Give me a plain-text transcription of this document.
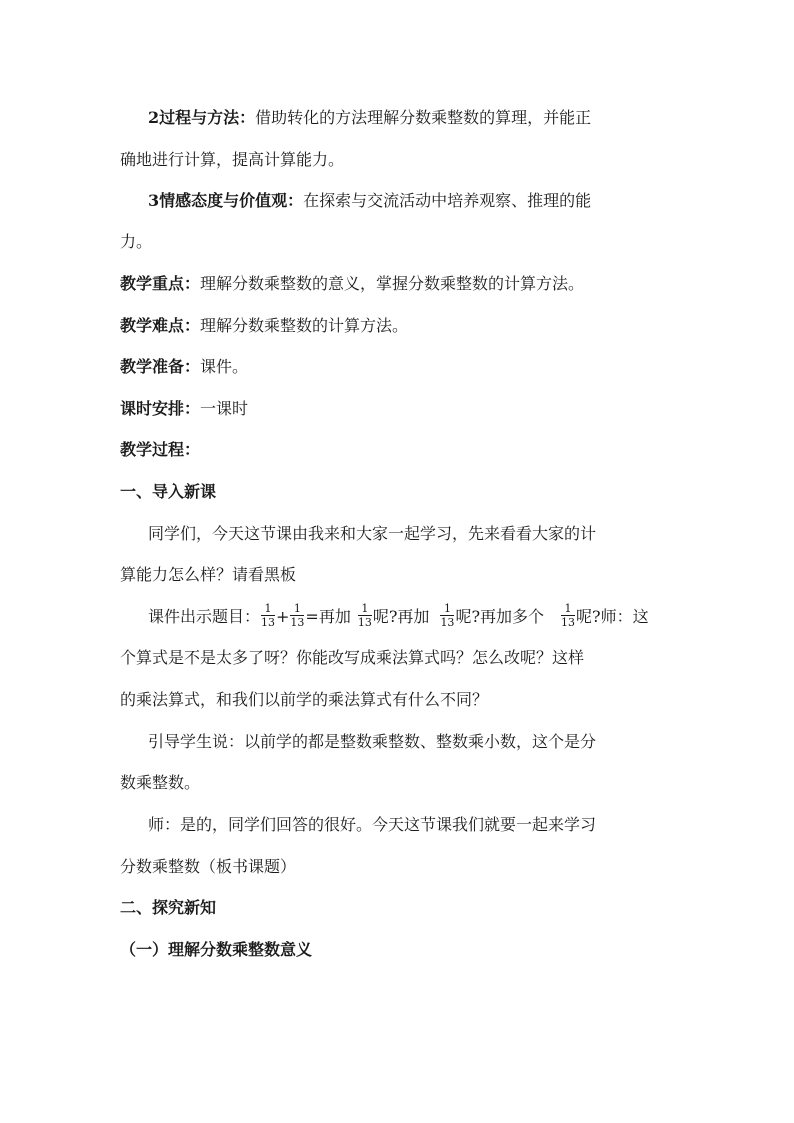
2过程与方法：借助转化的方法理解分数乘整数的算理，并能正
确地进行计算，提高计算能力。
3情感态度与价值观：在探索与交流活动中培养观察、推理的能
力。
教学重点：理解分数乘整数的意义，掌握分数乘整数的计算方法。
教学难点：理解分数乘整数的计算方法。
教学准备：课件。
课时安排：一课时
教学过程：
一、导入新课
同学们，今天这节课由我来和大家一起学习，先来看看大家的计
算能力怎么样？请看黑板
课件出示题目： $\frac{1}{13} + \frac{1}{13}$ =再加 $\frac{1}{13}$ 呢?再加 $\frac{1}{13}$ 呢?再加多个 $\frac{1}{13}$ 呢?师：这
个算式是不是太多了呀？你能改写成乘法算式吗？怎么改呢？这样
的乘法算式，和我们以前学的乘法算式有什么不同？
引导学生说：以前学的都是整数乘整数、整数乘小数，这个是分
数乘整数。
师：是的，同学们回答的很好。今天这节课我们就要一起来学习
分数乘整数（板书课题）
二、探究新知
（一）理解分数乘整数意义
